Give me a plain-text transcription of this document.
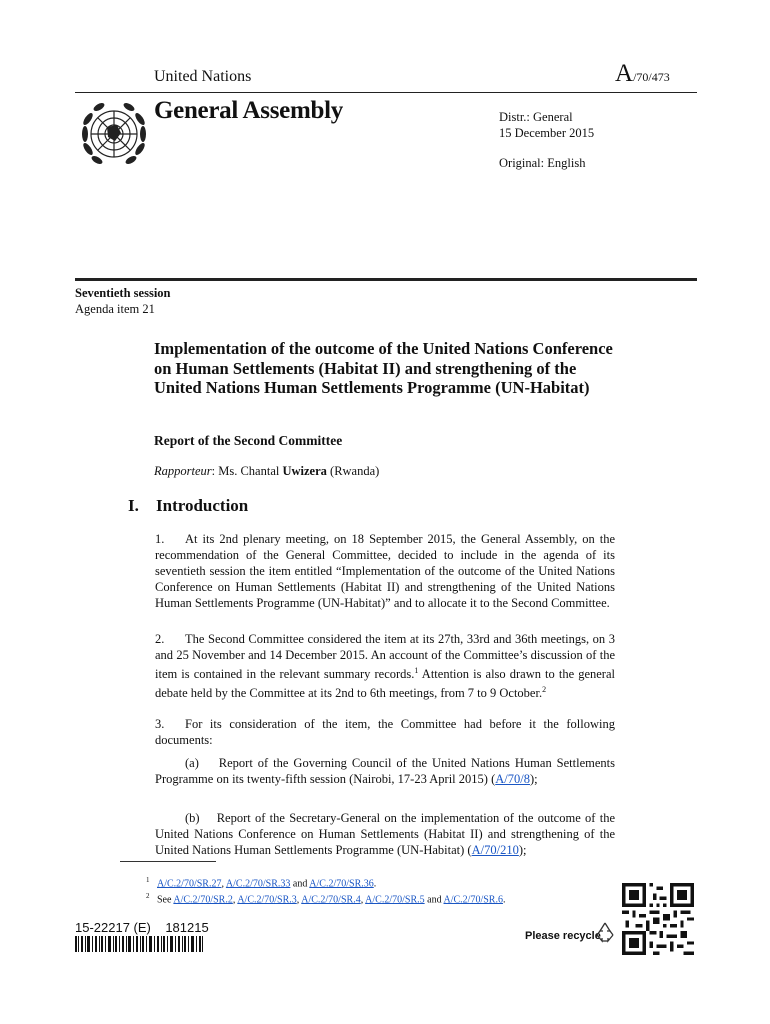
United Nations	A/70/473
General Assembly	Distr.: General
15 December 2015
Original: English
Seventieth session
Agenda item 21
Implementation of the outcome of the United Nations Conference on Human Settlements (Habitat II) and strengthening of the United Nations Human Settlements Programme (UN-Habitat)
Report of the Second Committee
Rapporteur: Ms. Chantal Uwizera (Rwanda)
I. Introduction
1. At its 2nd plenary meeting, on 18 September 2015, the General Assembly, on the recommendation of the General Committee, decided to include in the agenda of its seventieth session the item entitled “Implementation of the outcome of the United Nations Conference on Human Settlements (Habitat II) and strengthening of the United Nations Human Settlements Programme (UN-Habitat)” and to allocate it to the Second Committee.
2. The Second Committee considered the item at its 27th, 33rd and 36th meetings, on 3 and 25 November and 14 December 2015. An account of the Committee’s discussion of the item is contained in the relevant summary records.$^1$ Attention is also drawn to the general debate held by the Committee at its 2nd to 6th meetings, from 7 to 9 October.$^2$
3. For its consideration of the item, the Committee had before it the following documents:
(a) Report of the Governing Council of the United Nations Human Settlements Programme on its twenty-fifth session (Nairobi, 17-23 April 2015) (A/70/8);
(b) Report of the Secretary-General on the implementation of the outcome of the United Nations Conference on Human Settlements (Habitat II) and strengthening of the United Nations Human Settlements Programme (UN-Habitat) (A/70/210);
$^1$ A/C.2/70/SR.27, A/C.2/70/SR.33 and A/C.2/70/SR.36.
$^2$ See A/C.2/70/SR.2, A/C.2/70/SR.3, A/C.2/70/SR.4, A/C.2/70/SR.5 and A/C.2/70/SR.6.
15-22217 (E)    181215
Please recycle
